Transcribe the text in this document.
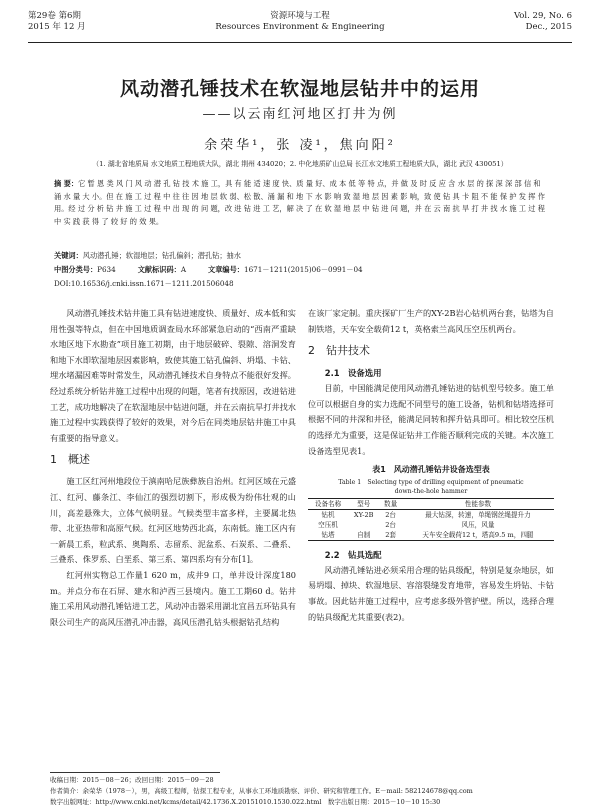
第29卷 第6期
2015 年 12 月
资源环境与工程
Resources Environment & Engineering
Vol. 29, No. 6
Dec., 2015
风动潜孔锤技术在软湿地层钻井中的运用
——以云南红河地区打井为例
余荣华¹，张 凌¹，焦向阳²
（1. 湖北省地质局 水文地质工程地质大队，湖北 荆州 434020；2. 中化地质矿山总局 长江水文地质工程地质大队，湖北 武汉 430051）
摘 要：它 暂 恩 类 风 门 风 动 潜 孔 钻 技 术 施 工，具 有 能 适 速 度 快、质 量 好、成 本 低 等 特 点，并 做 及 时 反 应 含 水 层 的 探 深 深 部 信 和 涌 水 量 大 小。但 在 施 工 过 程 中 往 往 因 地 层 软 弱、松 散、涌 漏 和 地 下 水 影 响 致 湿 地 层 因 素 影 响，致 使 钻 具 卡 阻 不 能 保 护 发 挥 作 用。经 过 分 析 钻 井 施 工 过 程 中 出 现 的 问 题，改 进 钻 进 工 艺，解 决 了 在 软 湿 地 层 中 钻 进 问 题，并 在 云 南 抗 旱 打 井 找 水 施 工 过 程 中 实 践 获 得 了 较 好 的 效 果。
关键词：风动潜孔锤；软湿地层；钻孔偏斜；潜孔钻；抽水
中图分类号：P634	文献标识码：A	文章编号：1671－1211(2015)06－0991－04
DOI:10.16536/j.cnki.issn.1671－1211.201506048

风动潜孔锤技术钻井施工具有钻进速度快、质量好、成本低和实用性强等特点，但在中国地质调查局水环部紧急启动的“西南严重缺水地区地下水勘查”项目施工初期，由于地层破碎、裂隙、溶洞发育和地下水即软湿地层因素影响，致使其施工钻孔偏斜、坍塌、卡钻、埋水堵漏因难等时常发生，风动潜孔锤技术自身特点不能很好发挥。经过系统分析钻井施工过程中出现的问题，笔者有找原因，改进钻进工艺，成功地解决了在软湿地层中钻进问题，并在云南抗旱打井找水施工过程中实践获得了较好的效果，对今后在同类地层钻井施工中具有重要的指导意义。

1　概述

施工区红河州地段位于滇南哈尼族彝族自治州。红河区域在元盛江、红河、藤条江、李仙江的强烈切割下，形成极为纷伟壮观的山川，高差悬殊大，立体气候明显。气候类型丰富多样，主要属北热带、北亚热带和高原气候。红河区地势西北高，东南低。施工区内有一新晨工系，粒武系、奥陶系、志留系、泥盆系、石炭系、二叠系、三叠系、侏罗系、白垩系、第三系、第四系均有分布[1]。

红河州实物总工作量1 620 m，成井9 口，单井设计深度180 m。并点分布在石屏、建水和泸西三县境内。施工工期60 d。钻井施工采用风动潜孔锤钻进工艺，风动冲击器采用湖北宜昌五环钻具有限公司生产的高风压潜孔冲击器，高风压潜孔钻头根据钻孔结构

在该厂家定制。重庆探矿厂生产的XY-2B岩心钻机两台套，钻塔为自制铁塔，天车安全载荷12 t，英格索兰高风压空压机两台。

2　钻井技术

2.1　设备选用

目前，中国能满足使用风动潜孔锤钻进的钻机型号较多。施工单位可以根据自身的实力选配不同型号的施工设备，钻机和钻塔选择可根据不同的井深和井径，能满足同转和挥升钻具即可。相比较空压机的选择尤为重要，这是保证钻井工作能否顺利完成的关键。本次施工设备选型见表1。

表1　风动潜孔锤钻井设备选型表
Table 1　Selecting type of drilling equipment of pneumatic
down-the-hole hammer
设备名称	型号	数量	性能参数
钻机	XY-2B	2台	最大钻深，转速，单绳钢丝绳提升力
空压机		2台	风压，风量
钻塔	自制	2套	天车安全载荷12 t，塔高9.5 m，四腿

2.2　钻具选配

风动潜孔锤钻进必须采用合理的钻具级配，特别是复杂地层，如易坍塌、掉块、软湿地层、容溶裂缝发育地带，容易发生坍钻、卡钻事故。因此钻井施工过程中，应考虑多级外管护壁。所以，选择合理的钻具级配尤其重要(表2)。

收稿日期：2015－08－26；改回日期：2015－09－28
作者简介：余荣华（1978－），男，高级工程师，钻探工程专业，从事水工环地质勘察、评价、研究和管理工作。E－mail: 582124678@qq.com
数字出版网址：http://www.cnki.net/kcms/detail/42.1736.X.20151010.1530.022.html　数字出版日期：2015－10－10 15:30
